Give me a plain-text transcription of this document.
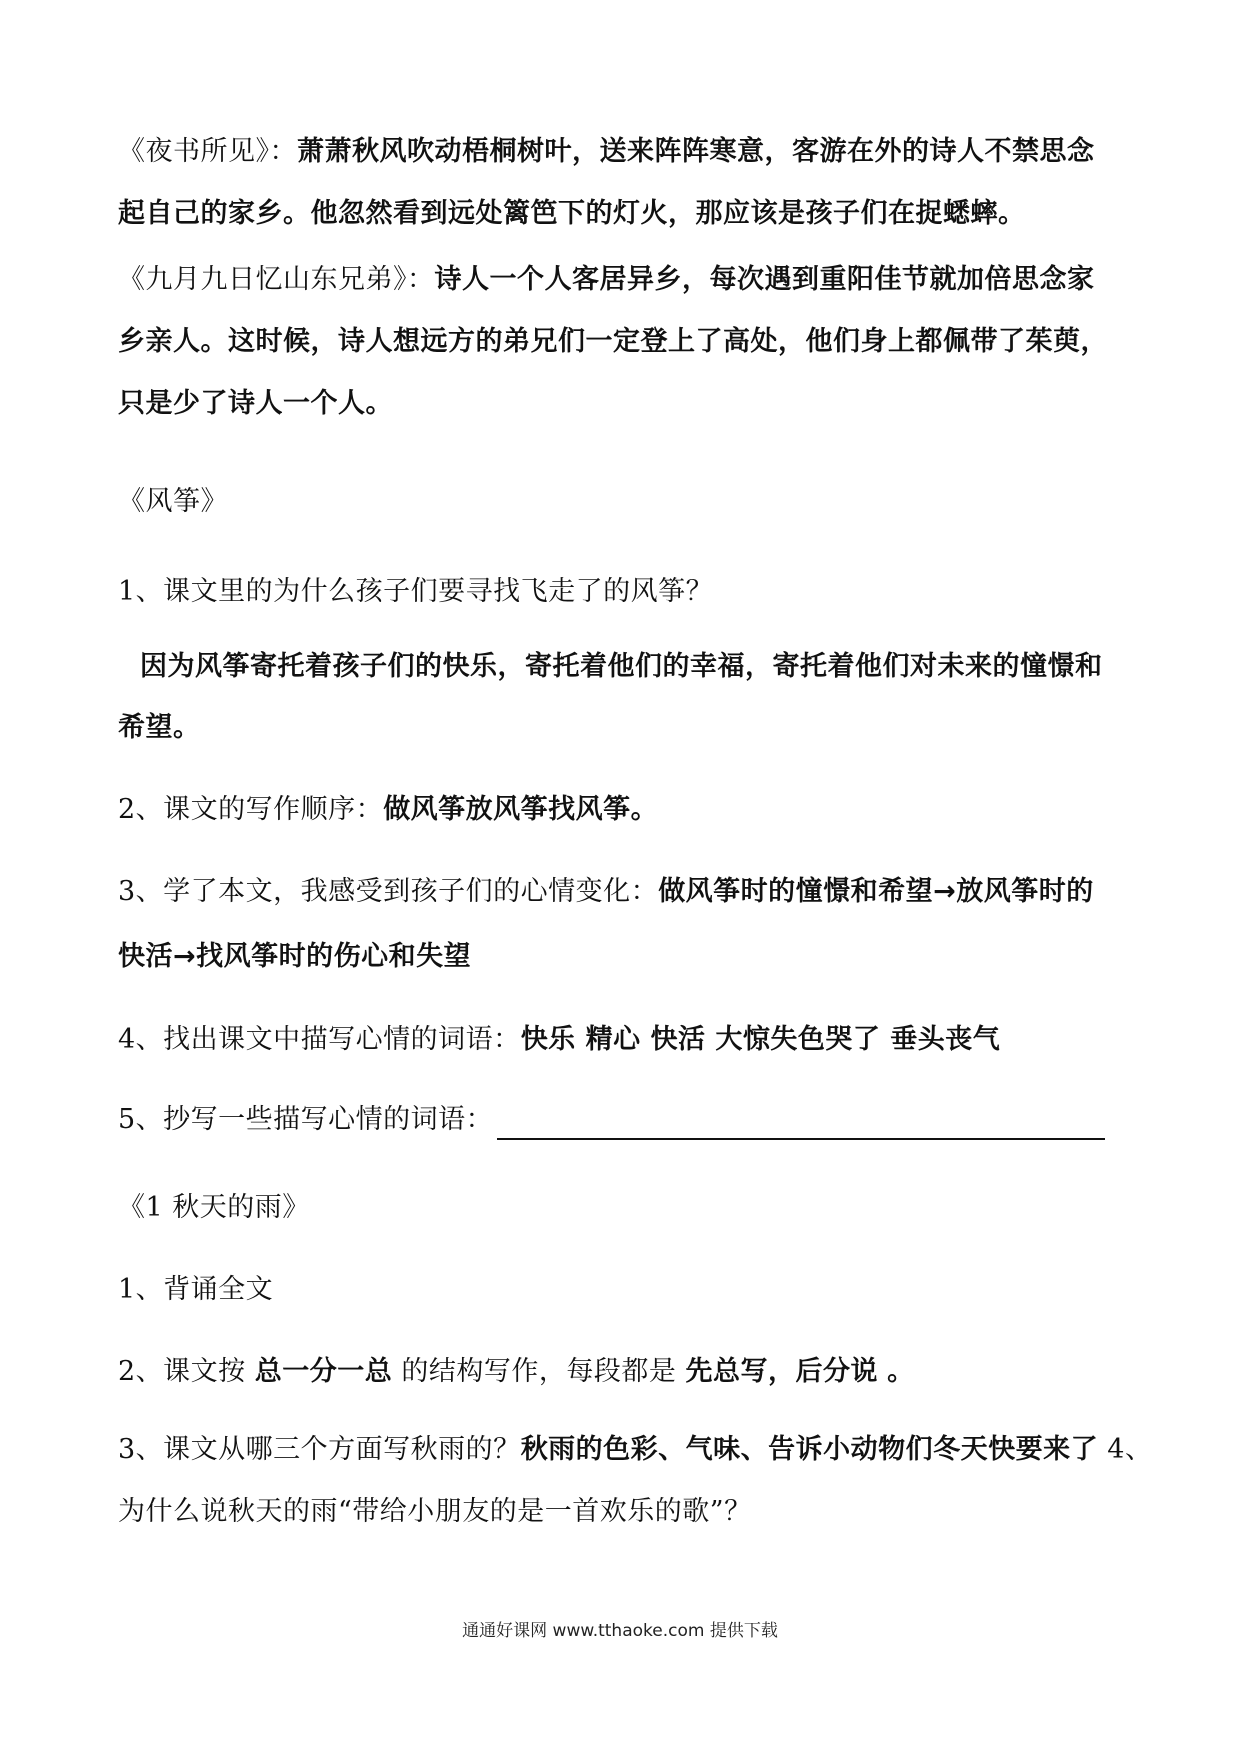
《夜书所见》：萧萧秋风吹动梧桐树叶，送来阵阵寒意，客游在外的诗人不禁思念
起自己的家乡。他忽然看到远处篱笆下的灯火，那应该是孩子们在捉蟋蟀。
《九月九日忆山东兄弟》：诗人一个人客居异乡，每次遇到重阳佳节就加倍思念家
乡亲人。这时候，诗人想远方的弟兄们一定登上了高处，他们身上都佩带了茱萸，
只是少了诗人一个人。
《风筝》
1、课文里的为什么孩子们要寻找飞走了的风筝？
因为风筝寄托着孩子们的快乐，寄托着他们的幸福，寄托着他们对未来的憧憬和
希望。
2、课文的写作顺序：做风筝放风筝找风筝。
3、学了本文，我感受到孩子们的心情变化：做风筝时的憧憬和希望→放风筝时的
快活→找风筝时的伤心和失望
4、找出课文中描写心情的词语：快乐 精心 快活 大惊失色哭了 垂头丧气
5、抄写一些描写心情的词语：
《1 秋天的雨》
1、背诵全文
2、课文按 总一分一总 的结构写作，每段都是 先总写，后分说 。
3、课文从哪三个方面写秋雨的？秋雨的色彩、气味、告诉小动物们冬天快要来了 4、
为什么说秋天的雨“带给小朋友的是一首欢乐的歌”？
通通好课网 www.tthaoke.com 提供下载
